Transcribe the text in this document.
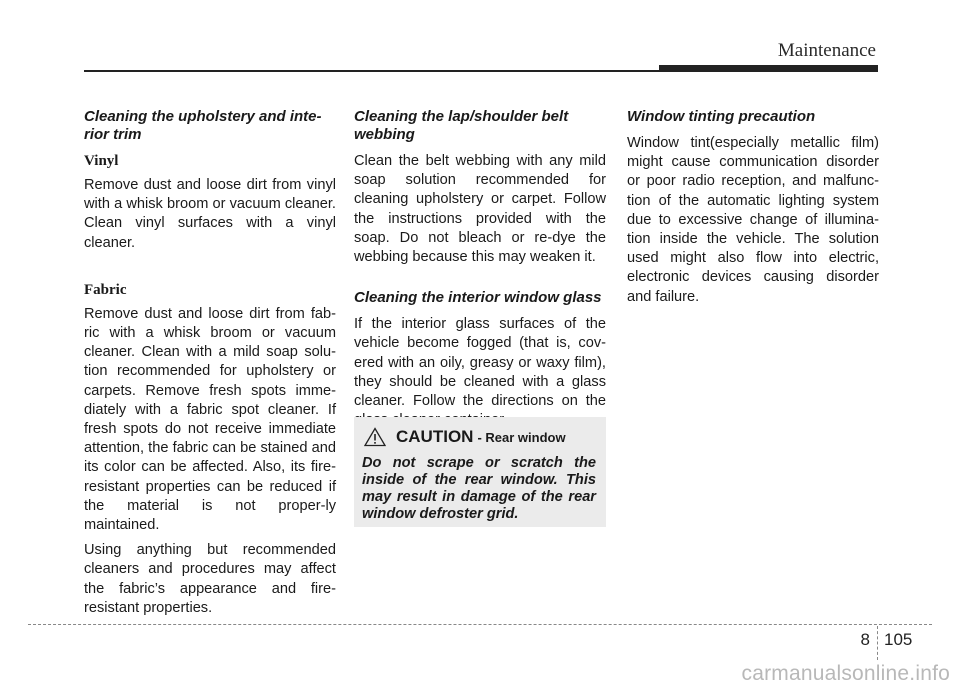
Maintenance
Cleaning the upholstery and inte-rior trim
Vinyl

Remove dust and loose dirt from vinyl with a whisk broom or vacuum cleaner. Clean vinyl surfaces with a vinyl cleaner.

Fabric

Remove dust and loose dirt from fab-ric with a whisk broom or vacuum cleaner. Clean with a mild soap solu-tion recommended for upholstery or carpets. Remove fresh spots imme-diately with a fabric spot cleaner. If fresh spots do not receive immediate attention, the fabric can be stained and its color can be affected. Also, its fire-resistant properties can be reduced if the material is not proper-ly maintained.

Using anything but recommended cleaners and procedures may affect the fabric’s appearance and fire-resistant properties.

Cleaning the lap/shoulder belt webbing

Clean the belt webbing with any mild soap solution recommended for cleaning upholstery or carpet. Follow the instructions provided with the soap. Do not bleach or re-dye the webbing because this may weaken it.

Cleaning the interior window glass

If the interior glass surfaces of the vehicle become fogged (that is, cov-ered with an oily, greasy or waxy film), they should be cleaned with a glass cleaner. Follow the directions on the

CAUTION - Rear window
Do not scrape or scratch the inside of the rear window. This may result in damage of the rear window defroster grid.
Window tinting precaution

Window tint(especially metallic film) might cause communication disorder or poor radio reception, and malfunc-tion of the automatic lighting system due to excessive change of illumina-tion inside the vehicle. The solution used might also flow into electric, electronic devices causing disorder and failure.

8 105
carmanualsonline.info
